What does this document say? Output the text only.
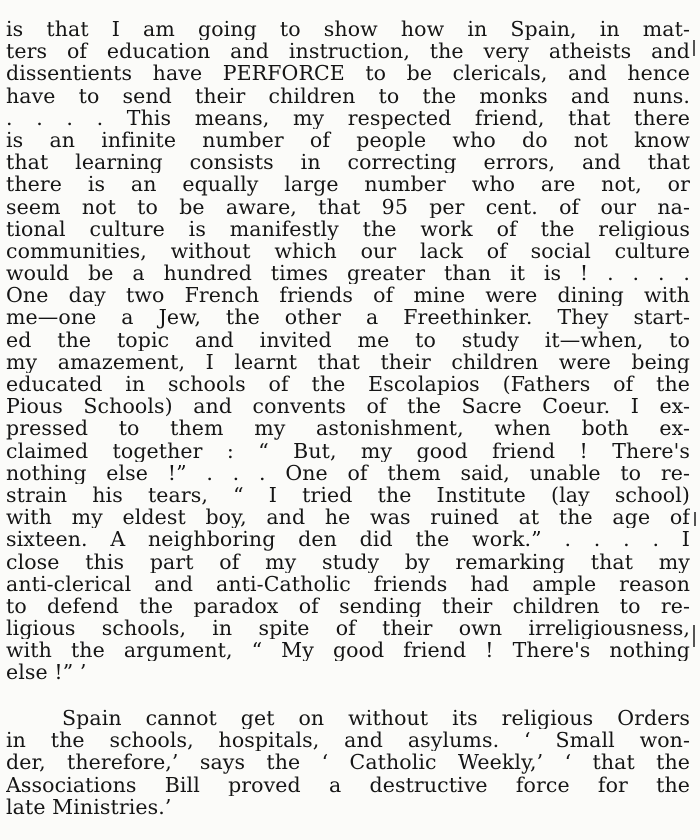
is that I am going to show how in Spain, in mat-
ters of education and instruction, the very atheists and
dissentients have PERFORCE to be clericals, and hence
have to send their children to the monks and nuns.
. . . . This means, my respected friend, that there
is an infinite number of people who do not know
that learning consists in correcting errors, and that
there is an equally large number who are not, or
seem not to be aware, that 95 per cent. of our na-
tional culture is manifestly the work of the religious
communities, without which our lack of social culture
would be a hundred times greater than it is ! . . . .
One day two French friends of mine were dining with
me—one a Jew, the other a Freethinker. They start-
ed the topic and invited me to study it—when, to
my amazement, I learnt that their children were being
educated in schools of the Escolapios (Fathers of the
Pious Schools) and convents of the Sacre Coeur. I ex-
pressed to them my astonishment, when both ex-
claimed together : “ But, my good friend ! There's
nothing else !” . . . One of them said, unable to re-
strain his tears, “ I tried the Institute (lay school)
with my eldest boy, and he was ruined at the age of
sixteen. A neighboring den did the work.” . . . . I
close this part of my study by remarking that my
anti-clerical and anti-Catholic friends had ample reason
to defend the paradox of sending their children to re-
ligious schools, in spite of their own irreligiousness,
with the argument, “ My good friend ! There's nothing
else !” ’
Spain cannot get on without its religious Orders
in the schools, hospitals, and asylums. ‘ Small won-
der, therefore,’ says the ‘ Catholic Weekly,’ ‘ that the
Associations Bill proved a destructive force for the
late Ministries.’
